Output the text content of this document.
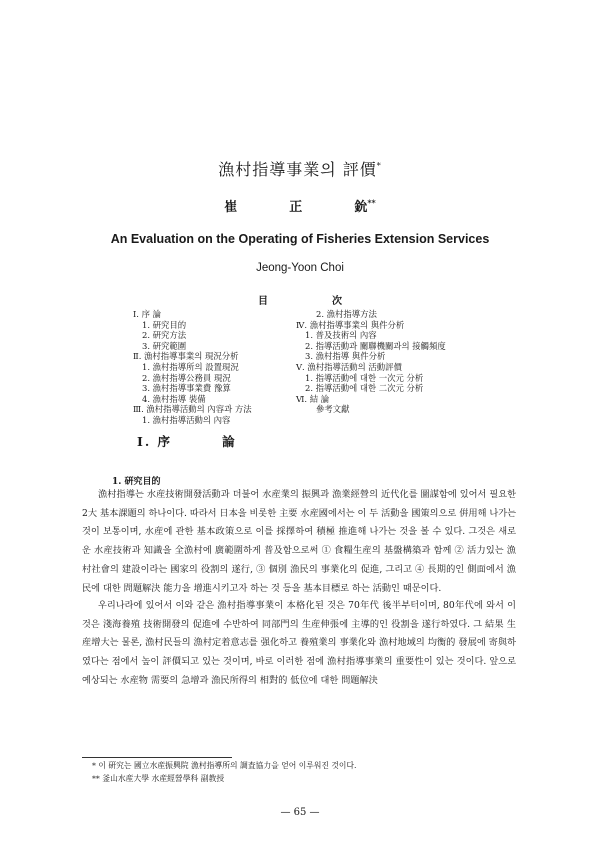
漁村指導事業의 評價*
崔	正	鈗**
An Evaluation on the Operating of Fisheries Extension Services
Jeong-Yoon Choi
目	次
Ⅰ. 序 論
1. 硏究目的
2. 硏究方法
3. 硏究範圍
Ⅱ. 漁村指導事業의 現況分析
1. 漁村指導所의 設置現況
2. 漁村指導公務員 現況
3. 漁村指導事業費 豫算
4. 漁村指導 裝備
Ⅲ. 漁村指導活動의 內容과 方法
1. 漁村指導活動의 內容
2. 漁村指導方法
Ⅳ. 漁村指導事業의 與件分析
1. 普及技術의 內容
2. 指導活動과 關聯機關과의 接觸頻度
3. 漁村指導 與件分析
Ⅴ. 漁村指導活動의 活動評價
1. 指導活動에 대한 一次元 分析
2. 指導活動에 대한 二次元 分析
Ⅵ. 結 論
參考文獻
Ⅰ. 序	論
1. 硏究目的
漁村指導는 水産技術開發活動과 더불어 水産業의 振興과 漁業經營의 近代化를 圖謀함에 있어서 필요한 2大 基本課題의 하나이다. 따라서 日本을 비롯한 主要 水産國에서는 이 두 活動을 國策의으로 倂用해 나가는 것이 보통이며, 水産에 관한 基本政策으로 이를 採擇하여 積極 推進해 나가는 것을 볼 수 있다. 그것은 새로운 水産技術과 知識을 全漁村에 廣範圍하게 普及함으로써 ① 食糧生産의 基盤構築과 함께 ② 活力있는 漁村社會의 建設이라는 國家의 役割의 遂行, ③ 個別 漁民의 事業化의 促進, 그리고 ④ 長期的인 側面에서 漁民에 대한 問題解決 能力을 增進시키고자 하는 것 등을 基本目標로 하는 活動인 때문이다.
우리나라에 있어서 이와 같은 漁村指導事業이 本格化된 것은 70年代 後半부터이며, 80年代에 와서 이것은 淺海養殖 技術開發의 促進에 수반하여 同部門의 生産伸張에 主導的인 役割을 遂行하였다. 그 結果 生産增大는 물론, 漁村民들의 漁村定着意志를 强化하고 養殖業의 事業化와 漁村地域의 均衡的 發展에 寄與하였다는 점에서 높이 評價되고 있는 것이며, 바로 이러한 점에 漁村指導事業의 重要性이 있는 것이다. 앞으로 예상되는 水産物 需要의 急增과 漁民所得의 相對的 低位에 대한 問題解決
* 이 硏究는 國立水産振興院 漁村指導所의 調査協力을 얻어 이루워진 것이다.
** 釜山水産大學 水産經營學科 副教授
— 65 —
